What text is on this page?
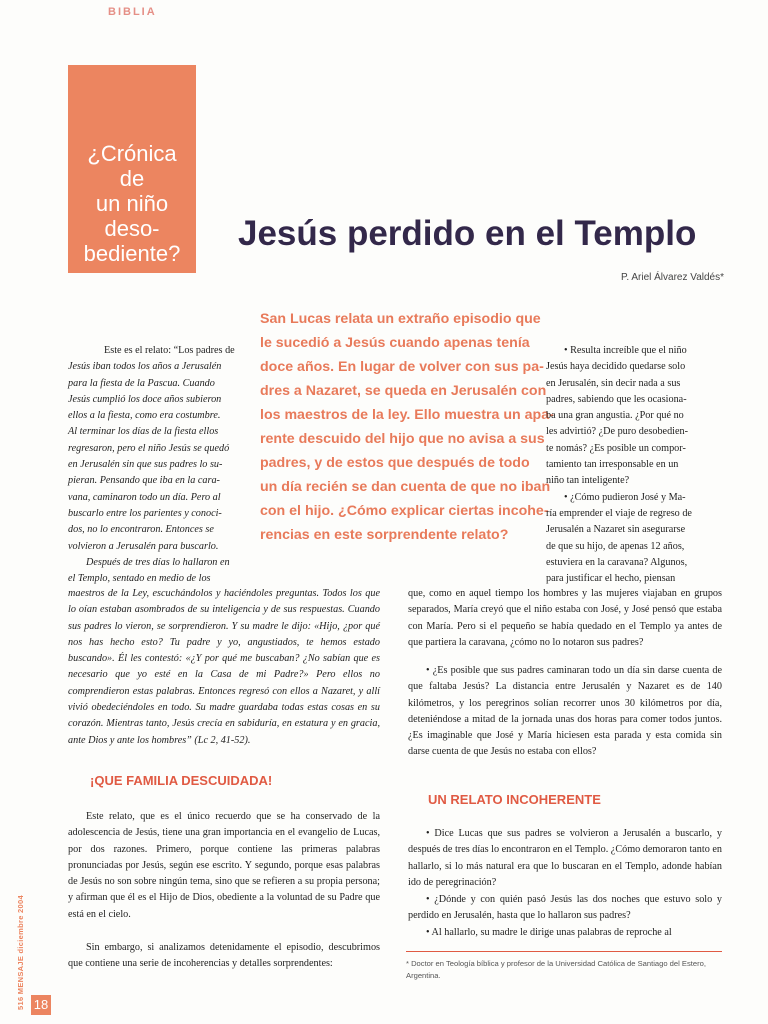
BIBLIA
¿Crónica de
un niño
deso-
bediente?
Jesús perdido en el Templo
P. Ariel Álvarez Valdés*
San Lucas relata un extraño episodio que
le sucedió a Jesús cuando apenas tenía
doce años. En lugar de volver con sus pa-
dres a Nazaret, se queda en Jerusalén con
los maestros de la ley. Ello muestra un apa-
rente descuido del hijo que no avisa a sus
padres, y de estos que después de todo
un día recién se dan cuenta de que no iban
con el hijo. ¿Cómo explicar ciertas incohe-
rencias en este sorprendente relato?
Este es el relato: “Los padres de
Jesús iban todos los años a Jerusalén
para la fiesta de la Pascua. Cuando
Jesús cumplió los doce años subieron
ellos a la fiesta, como era costumbre.
Al terminar los días de la fiesta ellos
regresaron, pero el niño Jesús se quedó
en Jerusalén sin que sus padres lo su-
pieran. Pensando que iba en la cara-
vana, caminaron todo un día. Pero al
buscarlo entre los parientes y conoci-
dos, no lo encontraron. Entonces se
volvieron a Jerusalén para buscarlo.
Después de tres días lo hallaron en
el Templo, sentado en medio de los
maestros de la Ley, escuchándolos y haciéndoles preguntas. Todos los que lo oían estaban asombrados de su inteligencia y de sus respuestas. Cuando sus padres lo vieron, se sorprendieron. Y su madre le dijo: «Hijo, ¿por qué nos has hecho esto? Tu padre y yo, angustiados, te hemos estado buscando». Él les contestó: «¿Y por qué me buscaban? ¿No sabían que es necesario que yo esté en la Casa de mi Padre?» Pero ellos no comprendieron estas palabras. Entonces regresó con ellos a Nazaret, y allí vivió obedeciéndoles en todo. Su madre guardaba todas estas cosas en su corazón. Mientras tanto, Jesús crecía en sabiduría, en estatura y en gracia, ante Dios y ante los hombres” (Lc 2, 41-52).
¡QUE FAMILIA DESCUIDADA!
Este relato, que es el único recuerdo que se ha conservado de la adolescencia de Jesús, tiene una gran importancia en el evangelio de Lucas, por dos razones. Primero, porque contiene las primeras palabras pronunciadas por Jesús, según ese escrito. Y segundo, porque esas palabras de Jesús no son sobre ningún tema, sino que se refieren a su propia persona; y afirman que él es el Hijo de Dios, obediente a la voluntad de su Padre que está en el cielo.
Sin embargo, si analizamos detenidamente el episodio, descubrimos que contiene una serie de incoherencias y detalles sorprendentes:
• Resulta increíble que el niño
Jesús haya decidido quedarse solo
en Jerusalén, sin decir nada a sus
padres, sabiendo que les ocasiona-
ba una gran angustia. ¿Por qué no
les advirtió? ¿De puro desobedien-
te nomás? ¿Es posible un compor-
tamiento tan irresponsable en un
niño tan inteligente?
• ¿Cómo pudieron José y Ma-
ría emprender el viaje de regreso de
Jerusalén a Nazaret sin asegurarse
de que su hijo, de apenas 12 años,
estuviera en la caravana? Algunos,
para justificar el hecho, piensan
que, como en aquel tiempo los hombres y las mujeres viajaban en grupos separados, María creyó que el niño estaba con José, y José pensó que estaba con María. Pero si el pequeño se había quedado en el Templo ya antes de que partiera la caravana, ¿cómo no lo notaron sus padres?
• ¿Es posible que sus padres caminaran todo un día sin darse cuenta de que faltaba Jesús? La distancia entre Jerusalén y Nazaret es de 140 kilómetros, y los peregrinos solían recorrer unos 30 kilómetros por día, deteniéndose a mitad de la jornada unas dos horas para comer todos juntos. ¿Es imaginable que José y María hiciesen esta parada y esta comida sin darse cuenta de que Jesús no estaba con ellos?
UN RELATO INCOHERENTE
• Dice Lucas que sus padres se volvieron a Jerusalén a buscarlo, y después de tres días lo encontraron en el Templo. ¿Cómo demoraron tanto en hallarlo, si lo más natural era que lo buscaran en el Templo, adonde habían ido de peregrinación?
• ¿Dónde y con quién pasó Jesús las dos noches que estuvo solo y perdido en Jerusalén, hasta que lo hallaron sus padres?
• Al hallarlo, su madre le dirige unas palabras de reproche al
* Doctor en Teología bíblica y profesor de la Universidad Católica de Santiago del Estero, Argentina.
516 MENSAJE diciembre 2004 18
